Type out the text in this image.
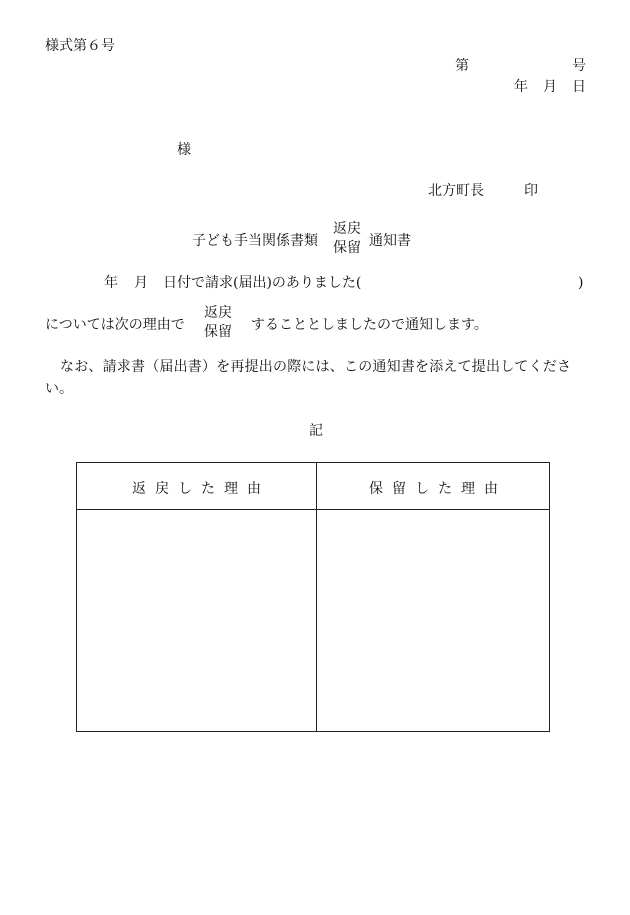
様式第６号
第	号
年 月 日
様
北方町長	印
子ども手当関係書類
返戻
保留 通知書
年 月 日付で請求(届出)のありました(	)
については次の理由で
返戻
保留 することとしましたので通知します。
なお、請求書（届出書）を再提出の際には、この通知書を添えて提出してくださ
い。
記
返戻した理由	保留した理由
